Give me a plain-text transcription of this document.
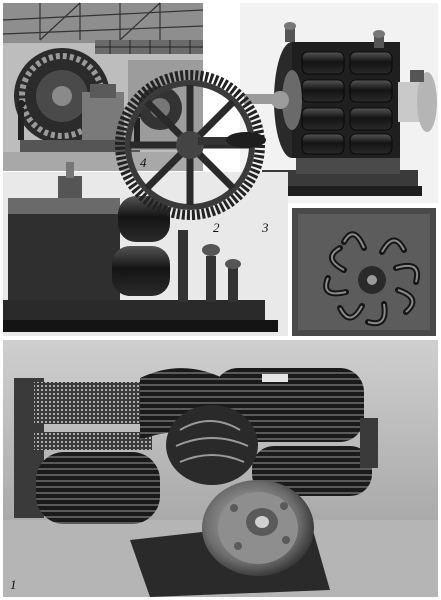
4
2	3
1
